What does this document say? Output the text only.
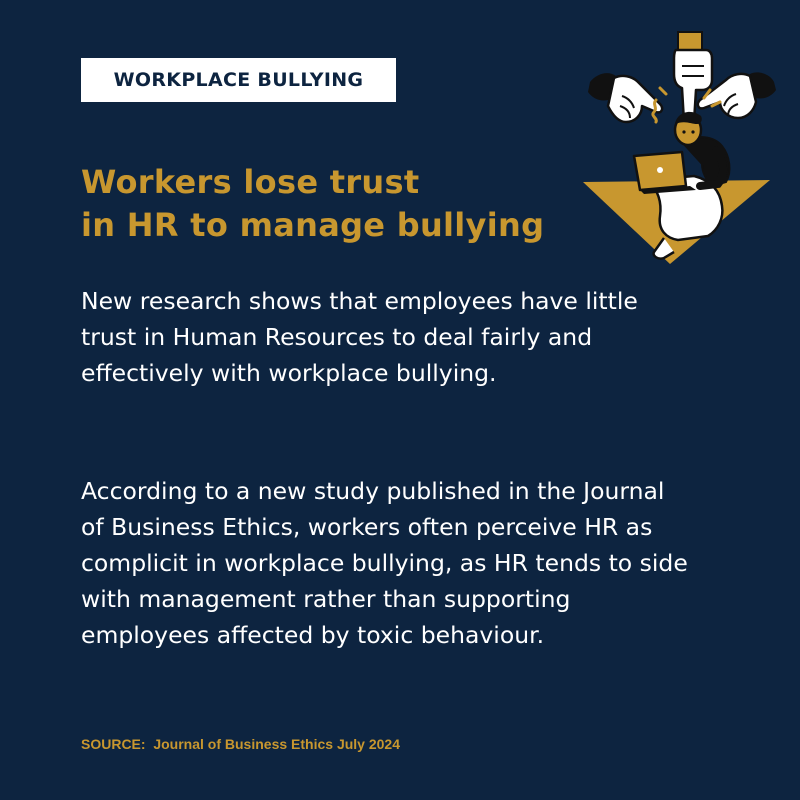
WORKPLACE BULLYING
Workers lose trust
in HR to manage bullying

New research shows that employees have little trust in Human Resources to deal fairly and effectively with workplace bullying.

According to a new study published in the Journal of Business Ethics, workers often perceive HR as complicit in workplace bullying, as HR tends to side with management rather than supporting employees affected by toxic behaviour.

SOURCE:  Journal of Business Ethics July 2024
